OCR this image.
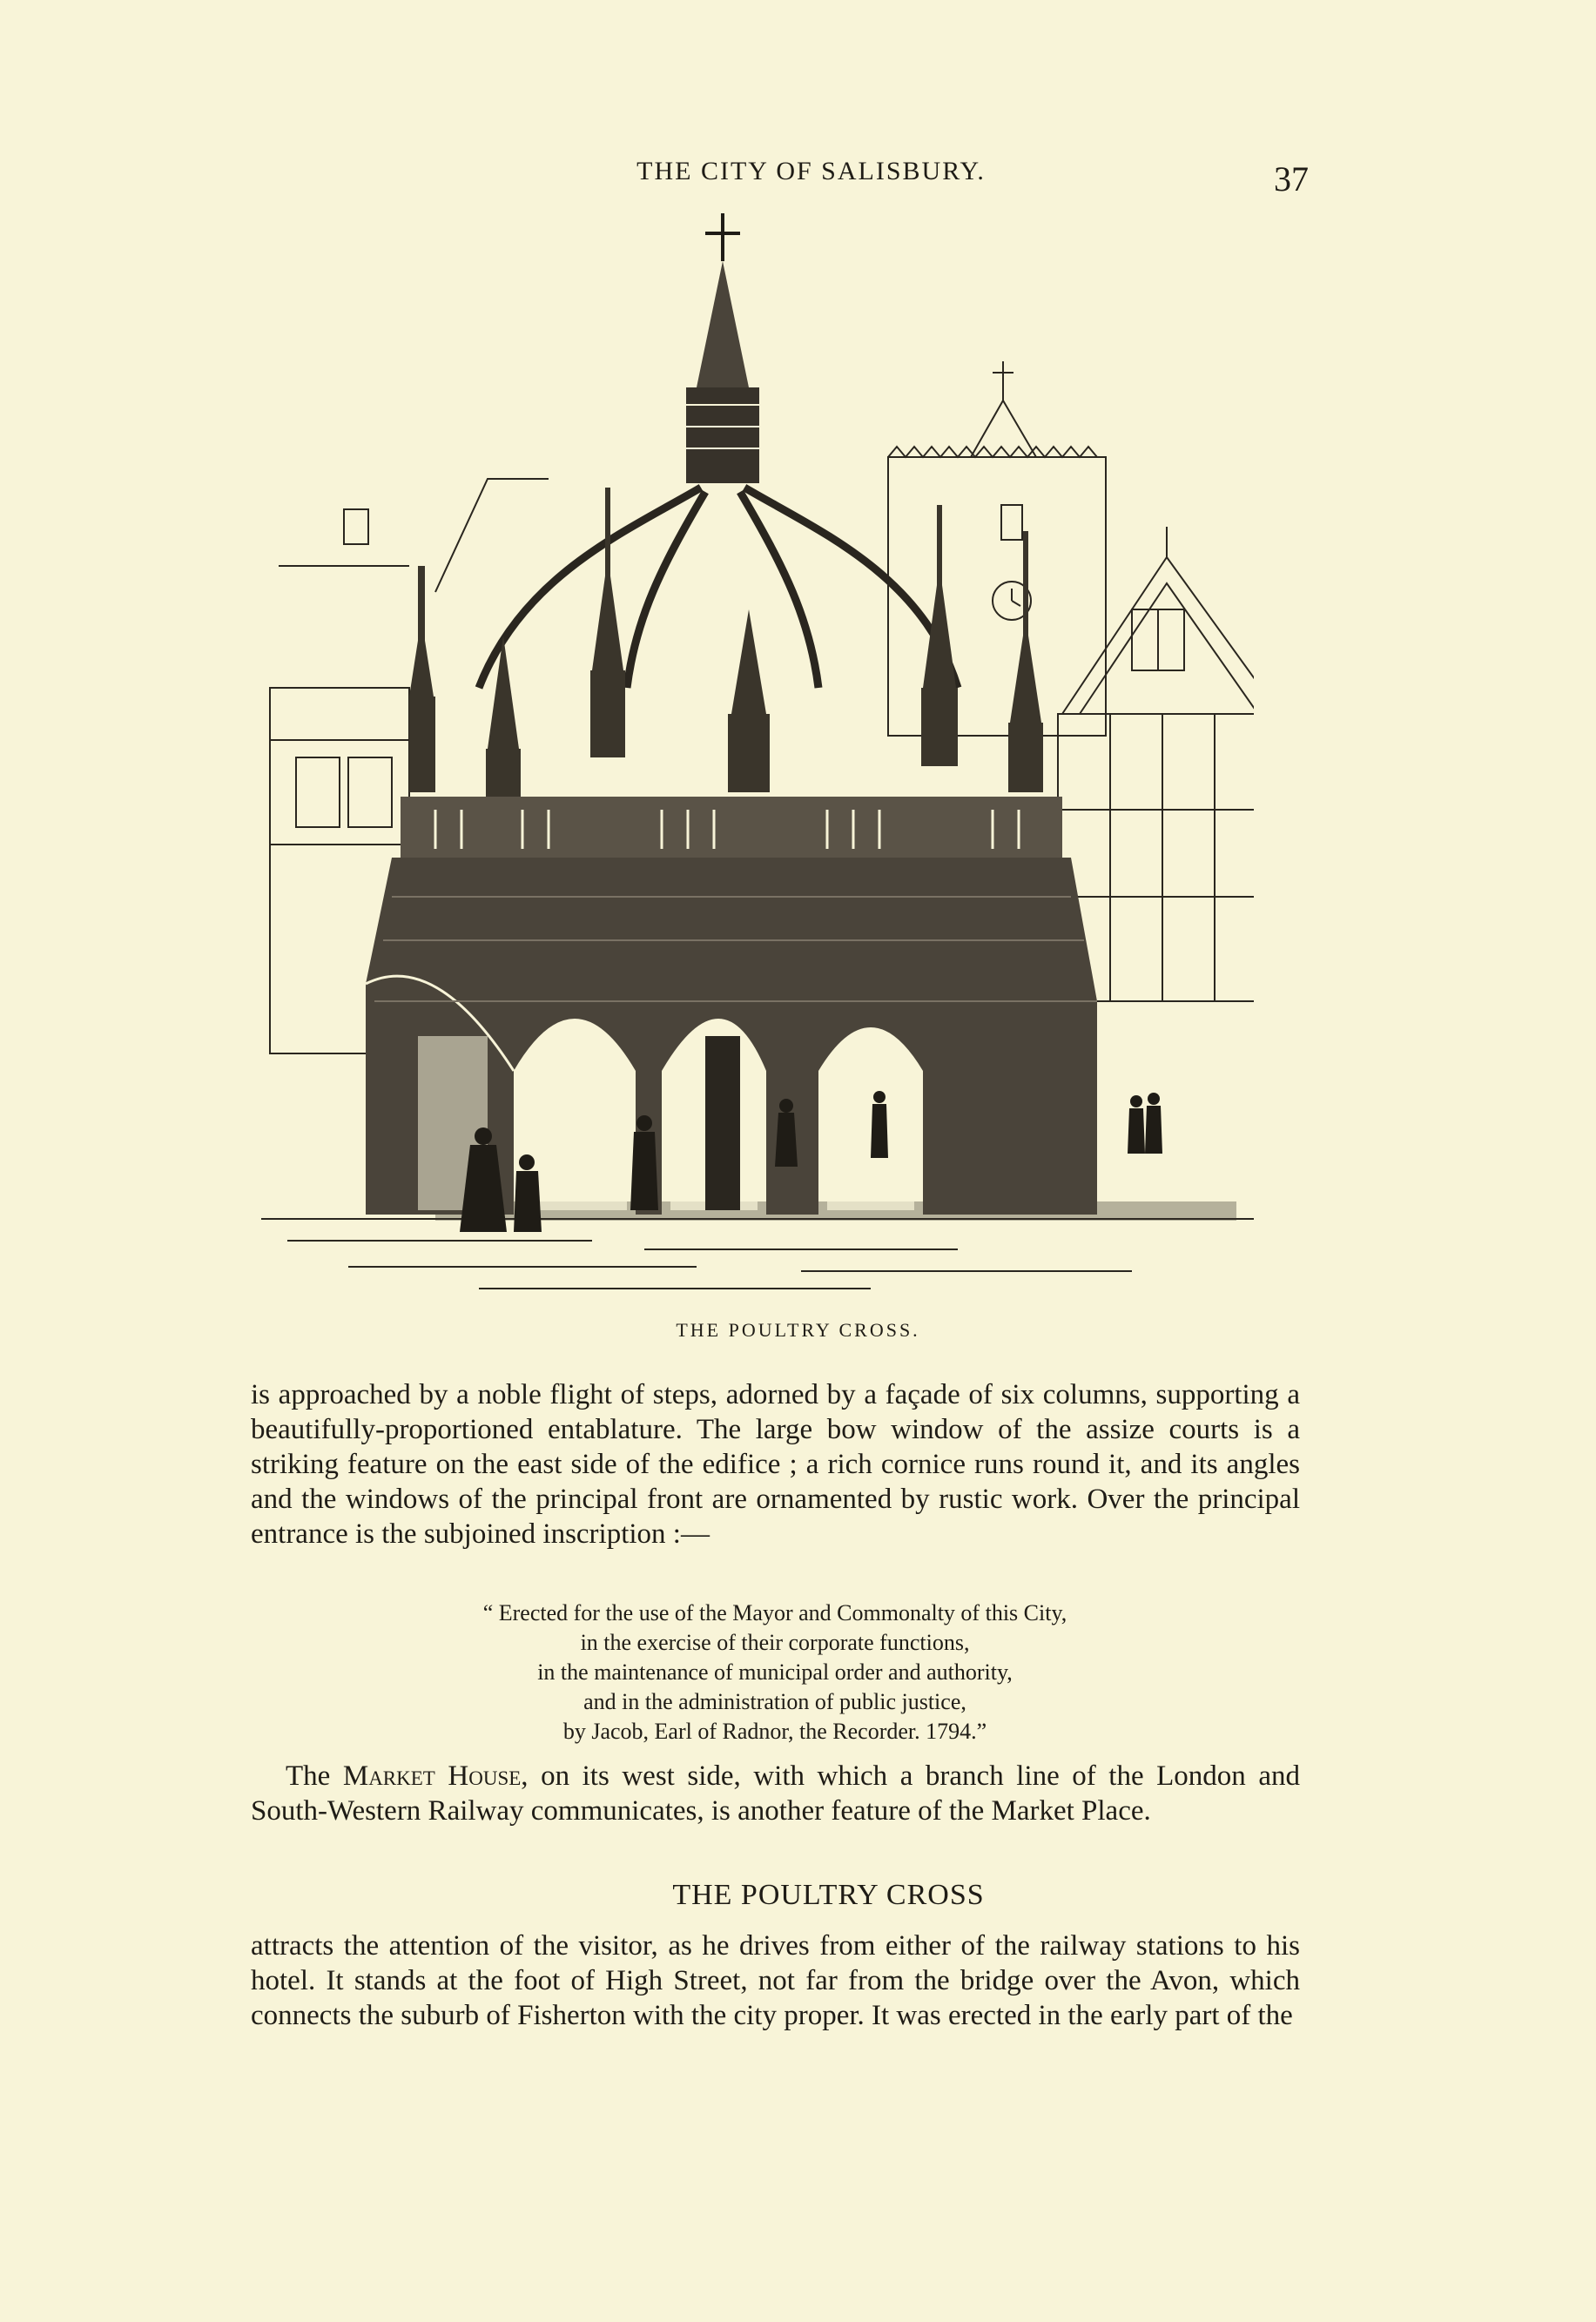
THE CITY OF SALISBURY.	37
THE POULTRY CROSS.

is approached by a noble flight of steps, adorned by a façade of six columns, supporting a beautifully-proportioned entablature. The large bow window of the assize courts is a striking feature on the east side of the edifice ; a rich cornice runs round it, and its angles and the windows of the principal front are ornamented by rustic work. Over the principal entrance is the subjoined inscription :—

“ Erected for the use of the Mayor and Commonalty of this City,
in the exercise of their corporate functions,
in the maintenance of municipal order and authority,
and in the administration of public justice,
by Jacob, Earl of Radnor, the Recorder. 1794.”

The Market House, on its west side, with which a branch line of the London and South-Western Railway communicates, is another feature of the Market Place.

THE POULTRY CROSS

attracts the attention of the visitor, as he drives from either of the railway stations to his hotel. It stands at the foot of High Street, not far from the bridge over the Avon, which connects the suburb of Fisherton with the city proper. It was erected in the early part of the
